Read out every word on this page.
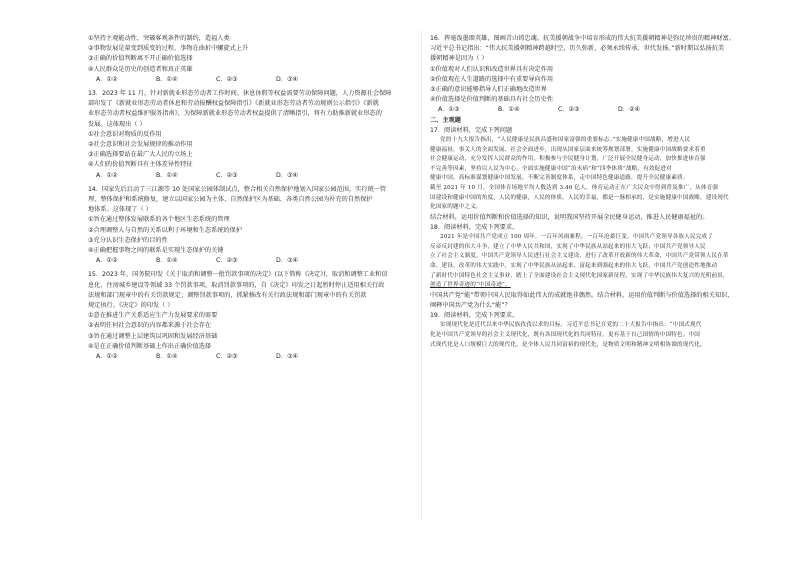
①坚持主观能动性，突破客观条件的制约，造福人类
②事物发展是量变到质变的过程，事物在曲折中螺旋式上升
③正确的价值判断离不开正确价值选择
④人民群众是历史的创造者和真正英雄
A．①②	B．①④	C．②③	D．③④
13．2023 年 11 月，针对新就业形态劳动者工作时间、休息休假等权益需要劳动保障问题，人力资源社会保障
部印发了《新就业形态劳动者休息和劳动报酬权益保障指引》《新就业形态劳动者劳动规则公示指引》《新就
业形态劳动者权益维护服务指南》，为保障新就业形态劳动者权益提供了清晰指引，将有力助推新就业形态的
发展。这体现出（ ）
①社会意识对物质的反作用
②社会意识和社会发展规律的推动作用
③正确选择要站在最广大人民的立场上
④人们的价值判断具有主体差异性特征
A．①②	B．①④	C．②③	D．③④
14．国家先后启动了三江源等 10 处国家公园体制试点，整合相关自然保护地划入国家公园范围，实行统一管
理、整体保护和系统修复，建立以国家公园为主体、自然保护区为基础、各类自然公园为补充的自然保护
地体系。这体现了（ ）
①旨在通过整体发展联系的各个地区生态系统的管理
②合理调整人与自然的关系以利于环境和生态系统的保护
③充分认识生态保护的目的性
④正确把握事物之间的联系是实现生态保护的关键
A．①②	B．①④	C．②③	D．③④
15．2023 年，国务院印发《关于取消和调整一批罚款事项的决定》(以下简称《决定》)，取消和调整工业和信
息化、住房城乡建设等领域 33 个罚款事项，取消罚款事项的，自《决定》印发之日起暂时停止适用相关行政
法规和部门规章中的有关罚款规定；调整罚款事项的，抓紧修改有关行政法规和部门规章中的有关罚款
规定执行。《决定》的印发（ ）
①意在推进生产关系适应生产力发展要求的需要
②表明任何社会意识的内容都来源于社会存在
③旨在通过调整上层建筑以巩固和发展经济基础
④是在正确价值判断基础上作出正确价值选择
A．①②	B．①④	C．②③	D．③④
16．挥毫泼墨颂英雄，图画青山铸忠魂。抗美援朝战争中培育形成的伟大抗美援朝精神是弥足珍贵的精神财富。
习近平总书记指出：“伟大抗美援朝精神跨越时空、历久弥新，必须永续传承、世代发扬。”新时期以弘扬抗美
援朝精神是因为（ ）
①价值观对人们认识和改造世界具有决定作用
②价值观在人生道路的选择中有重要导向作用
③正确的意识能够指导人们正确地改造世界
④价值选择是价值判断的基础具有社会历史性
A．①③	B．①④	C．②③	D．②④
二、主观题
17．阅读材料，完成下列问题
党的十九大报告指出，“人民健康是民族昌盛和国家富强的重要标志。”实施健康中国战略，增进人民
健康福祉，事关人的全面发展、社会全面进步，出现从国家层面来统筹规划部署。实施健康中国战略要求着重
社会健康运动，充分发挥人民群众的作用，积极参与全民健身计划，广泛开展全民健身运动，加快推进体育强
不完善等因素，坚持以人民为中心，全面实施健康中国“治未病”和“四季体质”战略，有效促进对
健康中国，高标准谋划健康中国发展，不断完善制度体系，走中国特色健康道路，提升全民健康素质。
截至 2021 年 10 月，全国体育场地平均人数达到 3.46 亿人，体育运动正在广大民众中得到普及推广，从体育强
国建设和健康中国的角度，人民的健康，人民的体质，人民的幸福，都是一脉相承的，是实施健康中国战略，建设现代
化国家的题中之义。
结合材料，运用价值判断和价值选择的知识，说明我国坚持开展全民健身运动，推进人民健康福祉的。
18．阅读材料，完成下列要求。
2021 年是中国共产党成立 100 周年。一百年风雨兼程，一百年沧桑巨变。中国共产党领导各族人民完成了
反帝反封建的伟大斗争，建立了中华人民共和国，实现了中华民族从站起来的伟大飞跃；中国共产党领导人民
立了社会主义制度，中国共产党领导人民进行社会主义建设，进行了改革开放新的伟大革命，中国共产党带领人民在革
命、建设、改革的伟大实践中，实现了中华民族从站起来、富起来到强起来的伟大飞跃，中国共产党创造性地推动
了新时代中国特色社会主义事业，踏上了全面建设社会主义现代化国家新征程，实现了中华民族伟大复兴的光明前景，
创造了世界奇迹的“中国奇迹”。
中国共产党“能”带领中国人民取得如此伟大的成就绝非偶然。结合材料，运用价值判断与价值选择的相关知识，
阐释中国共产党为什么“能”？
19．阅读材料，完成下列要求。
实现现代化是近代以来中华民族孜孜以求的目标。习近平总书记在党的二十大报告中指出：“中国式现代
化是中国共产党领导的社会主义现代化，既有各国现代化的共同特征，更有基于自己国情的中国特色。中国
式现代化是人口规模巨大的现代化，是全体人民共同富裕的现代化，是物质文明和精神文明相协调的现代化，
